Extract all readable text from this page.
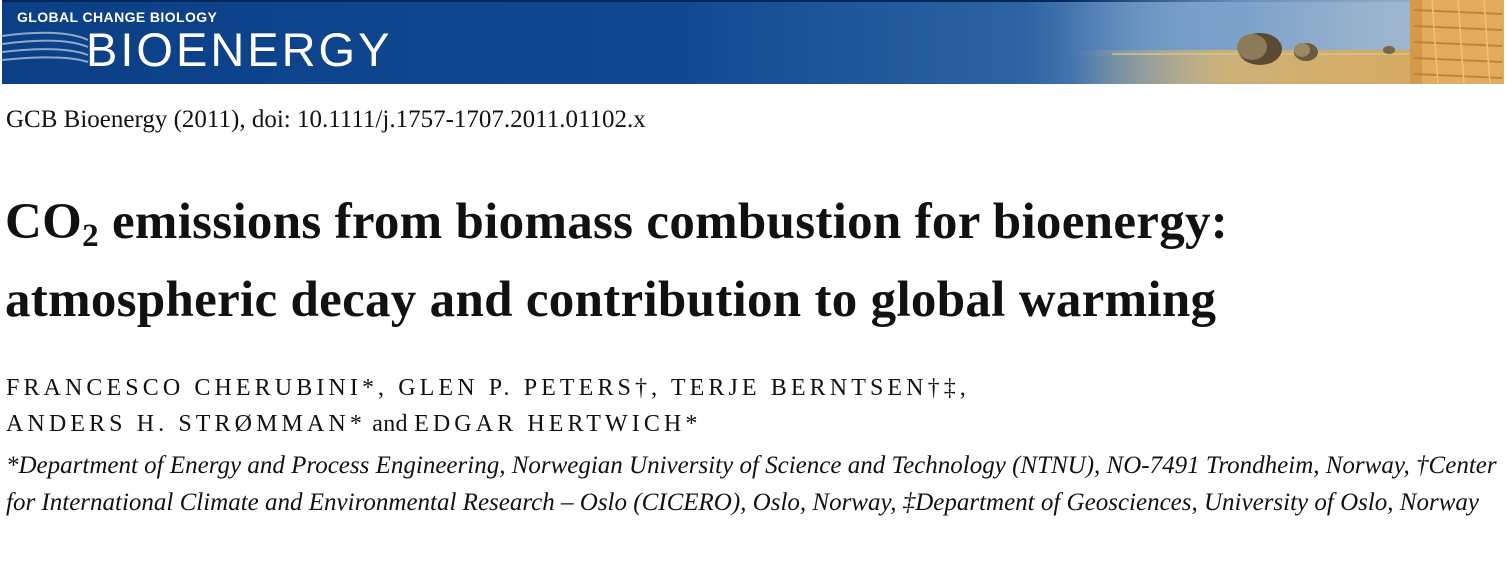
GLOBAL CHANGE BIOLOGY
BIOENERGY
GCB Bioenergy (2011), doi: 10.1111/j.1757-1707.2011.01102.x
$CO_2$ emissions from biomass combustion for bioenergy:
atmospheric decay and contribution to global warming
FRANCESCO CHERUBINI*, GLEN P. PETERS†, TERJE BERNTSEN†‡,
ANDERS H. STRØMMAN* and EDGAR HERTWICH*
*Department of Energy and Process Engineering, Norwegian University of Science and Technology (NTNU), NO-7491 Trondheim, Norway, †Center for International Climate and Environmental Research – Oslo (CICERO), Oslo, Norway, ‡Department of Geosciences, University of Oslo, Norway
